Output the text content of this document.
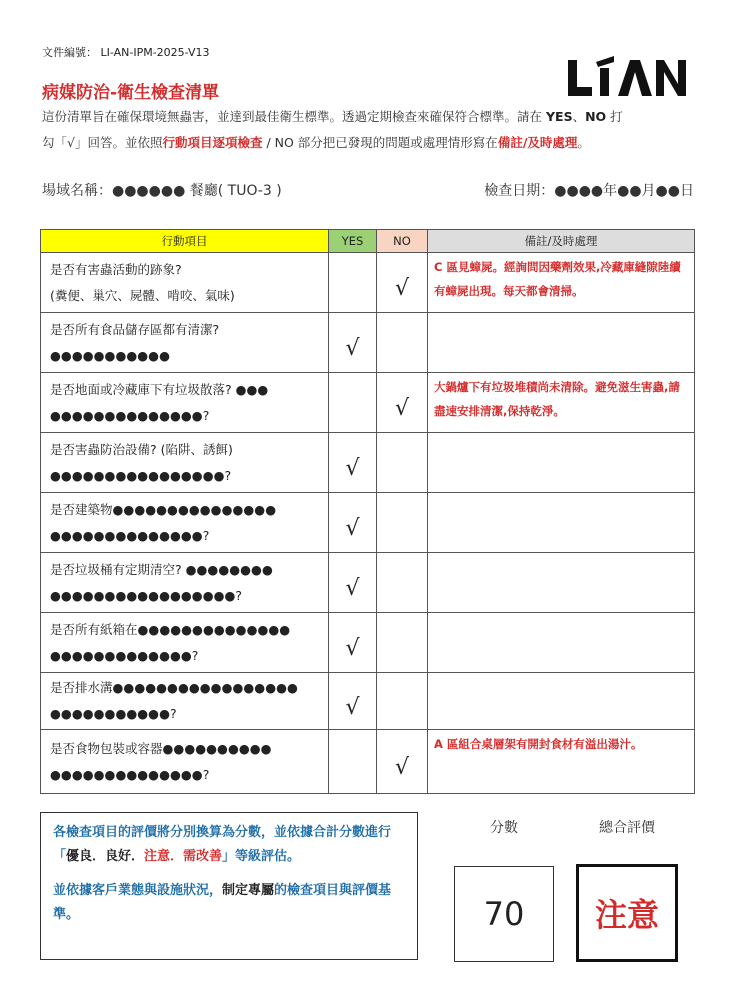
文件編號： LI-AN-IPM-2025-V13	LIAN
病媒防治-衛生檢查清單
這份清單旨在確保環境無蟲害，並達到最佳衛生標準。透過定期檢查來確保符合標準。請在 YES、NO 打
勾「√」回答。並依照行動項目逐項檢查 / NO 部分把已發現的問題或處理情形寫在備註/及時處理。
場域名稱：●●●●●● 餐廳( TUO-3 )	檢查日期：●●●●年●●月●●日
行動項目	YES	NO	備註/及時處理

是否有害蟲活動的跡象?
(糞便、巢穴、屍體、啃咬、氣味)		√	C 區見蟑屍。經詢問因藥劑效果,冷藏庫縫隙陸續有蟑屍出現。每天都會清掃。

是否所有食品儲存區都有清潔?
●●●●●●●●●●●	√		

是否地面或冷藏庫下有垃圾散落? ●●●
●●●●●●●●●●●●●●?		√	大鍋爐下有垃圾堆積尚未清除。避免滋生害蟲,請盡速安排清潔,保持乾淨。

是否害蟲防治設備? (陷阱、誘餌)
●●●●●●●●●●●●●●●●?	√		

是否建築物●●●●●●●●●●●●●●●
●●●●●●●●●●●●●●?	√		

是否垃圾桶有定期清空? ●●●●●●●●
●●●●●●●●●●●●●●●●●?	√		

是否所有紙箱在●●●●●●●●●●●●●●
●●●●●●●●●●●●●?	√		

是否排水溝●●●●●●●●●●●●●●●●●
●●●●●●●●●●●?	√		

是否食物包裝或容器●●●●●●●●●●
●●●●●●●●●●●●●●?		√	A 區組合桌層架有開封食材有溢出湯汁。
各檢查項目的評價將分別換算為分數，並依據合計分數進行「優良．良好．注意．需改善」等級評估。
並依據客戶業態與設施狀況，制定專屬的檢查項目與評價基準。
分數	總合評價
70	注意
